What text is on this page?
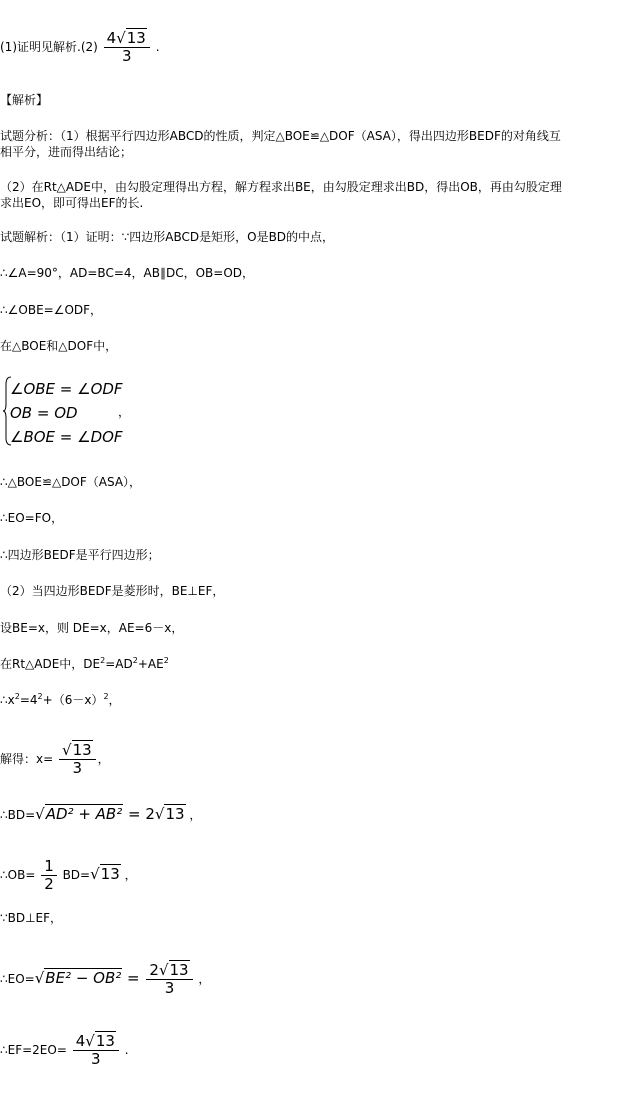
(1)证明见解析$.(2) \frac{4√13}{3}$ .
【解析】
试题分析：（1）根据平行四边形ABCD的性质，判定△BOE≌△DOF（ASA），得出四边形BEDF的对角线互
相平分，进而得出结论；
（2）在Rt△ADE中，由勾股定理得出方程，解方程求出BE，由勾股定理求出BD，得出OB，再由勾股定理
求出EO，即可得出EF的长.
试题解析：（1）证明：∵四边形ABCD是矩形，O是BD的中点，
∴∠A=90°，AD=BC=4，AB∥DC，OB=OD，
∴∠OBE=∠ODF，
在△BOE和△DOF中，
∠OBE = ∠ODF
OB = OD
∠BOE = ∠DOF
，
∴△BOE≌△DOF（ASA），
∴EO=FO，
∴四边形BEDF是平行四边形；
（2）当四边形BEDF是菱形时，BE⊥EF，
设BE=x，则 DE=x，AE=6－x，
在Rt△ADE中，$DE^2=AD^2+AE^2$
$\therefore x^2=4^2+(6-x)^2$，
解得：$x= \frac{√13}{3}$ ，
∴BD=√AD² + AB² = 2√13 ，
∴OB= $\frac{1}{2} BD=√13$ ，
∵BD⊥EF，
∴EO=√BE² − $OB^2 = \frac{2√13}{3}$ ，
∴EF=2EO= $\frac{4√13}{3}$ .
